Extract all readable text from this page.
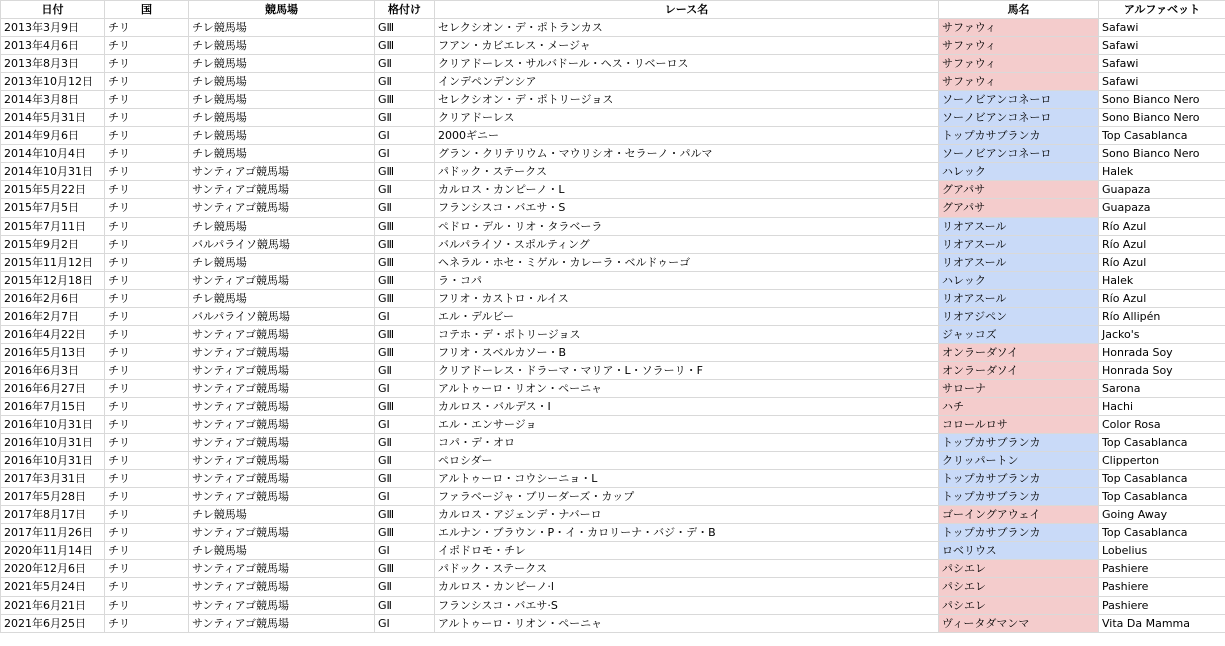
日付	国	競馬場	格付け	レース名	馬名	アルファベット
2013年3月9日	チリ	チレ競馬場	GⅢ	セレクシオン・デ・ポトランカス	サファウィ	Safawi
2013年4月6日	チリ	チレ競馬場	GⅢ	フアン・カビエレス・メージャ	サファウィ	Safawi
2013年8月3日	チリ	チレ競馬場	GⅡ	クリアドーレス・サルバドール・ヘス・リベーロス	サファウィ	Safawi
2013年10月12日	チリ	チレ競馬場	GⅡ	インデペンデンシア	サファウィ	Safawi
2014年3月8日	チリ	チレ競馬場	GⅢ	セレクシオン・デ・ポトリージョス	ソーノビアンコネーロ	Sono Bianco Nero
2014年5月31日	チリ	チレ競馬場	GⅡ	クリアドーレス	ソーノビアンコネーロ	Sono Bianco Nero
2014年9月6日	チリ	チレ競馬場	GⅠ	2000ギニー	トップカサブランカ	Top Casablanca
2014年10月4日	チリ	チレ競馬場	GⅠ	グラン・クリテリウム・マウリシオ・セラーノ・パルマ	ソーノビアンコネーロ	Sono Bianco Nero
2014年10月31日	チリ	サンティアゴ競馬場	GⅢ	パドック・ステークス	ハレック	Halek
2015年5月22日	チリ	サンティアゴ競馬場	GⅡ	カルロス・カンピーノ・L	グアパサ	Guapaza
2015年7月5日	チリ	サンティアゴ競馬場	GⅡ	フランシスコ・バエサ・S	グアパサ	Guapaza
2015年7月11日	チリ	チレ競馬場	GⅢ	ペドロ・デル・リオ・タラベーラ	リオアスール	Río Azul
2015年9月2日	チリ	バルパライソ競馬場	GⅢ	バルパライソ・スポルティング	リオアスール	Río Azul
2015年11月12日	チリ	チレ競馬場	GⅢ	ヘネラル・ホセ・ミゲル・カレーラ・ベルドゥーゴ	リオアスール	Río Azul
2015年12月18日	チリ	サンティアゴ競馬場	GⅢ	ラ・コパ	ハレック	Halek
2016年2月6日	チリ	チレ競馬場	GⅢ	フリオ・カストロ・ルイス	リオアスール	Río Azul
2016年2月7日	チリ	バルパライソ競馬場	GⅠ	エル・デルビー	リオアジペン	Río Allipén
2016年4月22日	チリ	サンティアゴ競馬場	GⅢ	コテホ・デ・ポトリージョス	ジャッコズ	Jacko's
2016年5月13日	チリ	サンティアゴ競馬場	GⅢ	フリオ・スベルカソー・B	オンラーダソイ	Honrada Soy
2016年6月3日	チリ	サンティアゴ競馬場	GⅡ	クリアドーレス・ドラーマ・マリア・L・ソラーリ・F	オンラーダソイ	Honrada Soy
2016年6月27日	チリ	サンティアゴ競馬場	GⅠ	アルトゥーロ・リオン・ペーニャ	サローナ	Sarona
2016年7月15日	チリ	サンティアゴ競馬場	GⅢ	カルロス・バルデス・I	ハチ	Hachi
2016年10月31日	チリ	サンティアゴ競馬場	GⅠ	エル・エンサージョ	コロールロサ	Color Rosa
2016年10月31日	チリ	サンティアゴ競馬場	GⅡ	コパ・デ・オロ	トップカサブランカ	Top Casablanca
2016年10月31日	チリ	サンティアゴ競馬場	GⅡ	ペロシダー	クリッパートン	Clipperton
2017年3月31日	チリ	サンティアゴ競馬場	GⅡ	アルトゥーロ・コウシーニョ・L	トップカサブランカ	Top Casablanca
2017年5月28日	チリ	サンティアゴ競馬場	GⅠ	ファラベージャ・ブリーダーズ・カップ	トップカサブランカ	Top Casablanca
2017年8月17日	チリ	チレ競馬場	GⅢ	カルロス・アジェンデ・ナバーロ	ゴーイングアウェイ	Going Away
2017年11月26日	チリ	サンティアゴ競馬場	GⅢ	エルナン・ブラウン・P・イ・カロリーナ・バジ・デ・B	トップカサブランカ	Top Casablanca
2020年11月14日	チリ	チレ競馬場	GⅠ	イポドロモ・チレ	ロベリウス	Lobelius
2020年12月6日	チリ	サンティアゴ競馬場	GⅢ	パドック・ステークス	パシエレ	Pashiere
2021年5月24日	チリ	サンティアゴ競馬場	GⅡ	カルロス・カンピーノ·l	パシエレ	Pashiere
2021年6月21日	チリ	サンティアゴ競馬場	GⅡ	フランシスコ・バエサ·S	パシエレ	Pashiere
2021年6月25日	チリ	サンティアゴ競馬場	GⅠ	アルトゥーロ・リオン・ペーニャ	ヴィータダマンマ	Vita Da Mamma
